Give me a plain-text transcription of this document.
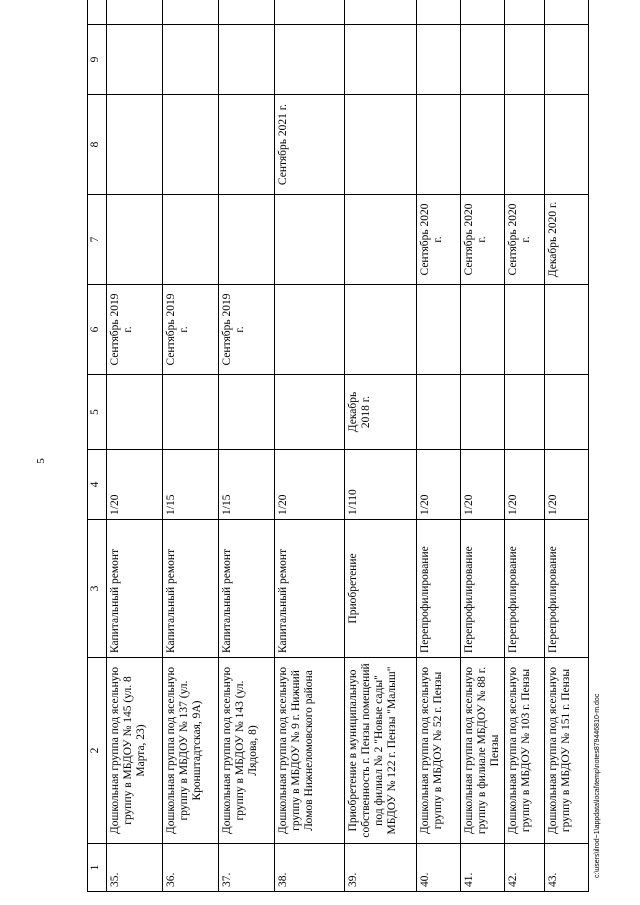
5
1	2	3	4	5	6	7	8	9	
35.	Дошкольная группа под ясельную группу в МБДОУ № 145 (ул. 8 Марта, 23)	Капитальный ремонт	1/20		Сентябрь 2019 г.				
36.	Дошкольная группа под ясельную группу в МБДОУ № 137 (ул. Кронштадтская, 9А)	Капитальный ремонт	1/15		Сентябрь 2019 г.				
37.	Дошкольная группа под ясельную группу в МБДОУ № 143 (ул. Лядова, 8)	Капитальный ремонт	1/15		Сентябрь 2019 г.				
38.	Дошкольная группа под ясельную группу в МБДОУ № 9 г. Нижний Ломов Нижнеломовского района	Капитальный ремонт	1/20				Сентябрь 2021 г.		
39.	Приобретение в муниципальную собственность г. Пензы помещений под филиал № 2 "Новые сады" МБДОУ № 122 г. Пензы "Малыш"	Приобретение	1/110	Декабрь 2018 г.					
40.	Дошкольная группа под ясельную группу в МБДОУ № 52 г. Пензы	Перепрофилирование	1/20			Сентябрь 2020 г.			
41.	Дошкольная группа под ясельную группу в филиале МБДОУ № 88 г. Пензы	Перепрофилирование	1/20			Сентябрь 2020 г.			
42.	Дошкольная группа под ясельную группу в МБДОУ № 103 г. Пензы	Перепрофилирование	1/20			Сентябрь 2020 г.			
43.	Дошкольная группа под ясельную группу в МБДОУ № 151 г. Пензы	Перепрофилирование	1/20			Декабрь 2020 г.			
c:\users\ilrod~1\appdata\local\temp\notes879446810-m.doc
